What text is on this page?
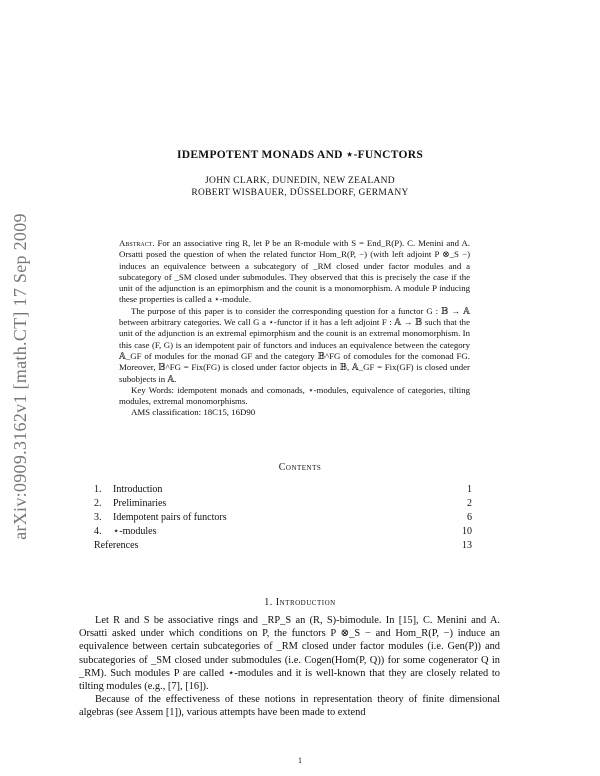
arXiv:0909.3162v1 [math.CT] 17 Sep 2009
IDEMPOTENT MONADS AND ⋆-FUNCTORS
JOHN CLARK, DUNEDIN, NEW ZEALAND
ROBERT WISBAUER, DÜSSELDORF, GERMANY

Abstract. For an associative ring R, let P be an R-module with S = End_R(P). C. Menini and A. Orsatti posed the question of when the related functor Hom_R(P, −) (with left adjoint P ⊗_S −) induces an equivalence between a subcategory of _RM closed under factor modules and a subcategory of _SM closed under submodules. They observed that this is precisely the case if the unit of the adjunction is an epimorphism and the counit is a monomorphism. A module P inducing these properties is called a ⋆-module.

The purpose of this paper is to consider the corresponding question for a functor G : 𝔹 → 𝔸 between arbitrary categories. We call G a ⋆-functor if it has a left adjoint F : 𝔸 → 𝔹 such that the unit of the adjunction is an extremal epimorphism and the counit is an extremal monomorphism. In this case (F, G) is an idempotent pair of functors and induces an equivalence between the category 𝔸_GF of modules for the monad GF and the category 𝔹^FG of comodules for the comonad FG. Moreover, 𝔹^FG = Fix(FG) is closed under factor objects in 𝔹, 𝔸_GF = Fix(GF) is closed under subobjects in 𝔸.

Key Words: idempotent monads and comonads, ⋆-modules, equivalence of categories, tilting modules, extremal monomorphisms.

AMS classification: 18C15, 16D90

Contents
1.	Introduction	1
2.	Preliminaries	2
3.	Idempotent pairs of functors	6
4.	⋆-modules	10
References	13
1. Introduction

Let R and S be associative rings and _RP_S an (R, S)-bimodule. In [15], C. Menini and A. Orsatti asked under which conditions on P, the functors P ⊗_S − and Hom_R(P, −) induce an equivalence between certain subcategories of _RM closed under factor modules (i.e. Gen(P)) and subcategories of _SM closed under submodules (i.e. Cogen(Hom(P, Q)) for some cogenerator Q in _RM). Such modules P are called ⋆-modules and it is well-known that they are closely related to tilting modules (e.g., [7], [16]).

Because of the effectiveness of these notions in representation theory of finite dimensional algebras (see Assem [1]), various attempts have been made to extend

1
